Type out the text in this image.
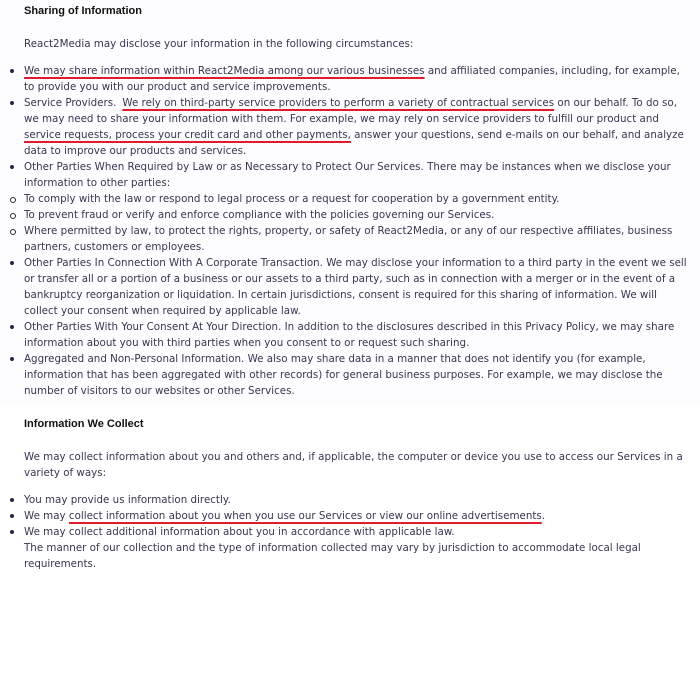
Sharing of Information
React2Media may disclose your information in the following circumstances:
We may share information within React2Media among our various businesses and affiliated companies, including, for example, to provide you with our product and service improvements.
Service Providers. We rely on third-party service providers to perform a variety of contractual services on our behalf. To do so, we may need to share your information with them. For example, we may rely on service providers to fulfill our product and service requests, process your credit card and other payments, answer your questions, send e-mails on our behalf, and analyze data to improve our products and services.
Other Parties When Required by Law or as Necessary to Protect Our Services. There may be instances when we disclose your information to other parties:
To comply with the law or respond to legal process or a request for cooperation by a government entity.
To prevent fraud or verify and enforce compliance with the policies governing our Services.
Where permitted by law, to protect the rights, property, or safety of React2Media, or any of our respective affiliates, business partners, customers or employees.
Other Parties In Connection With A Corporate Transaction. We may disclose your information to a third party in the event we sell or transfer all or a portion of a business or our assets to a third party, such as in connection with a merger or in the event of a bankruptcy reorganization or liquidation. In certain jurisdictions, consent is required for this sharing of information. We will collect your consent when required by applicable law.
Other Parties With Your Consent At Your Direction. In addition to the disclosures described in this Privacy Policy, we may share information about you with third parties when you consent to or request such sharing.
Aggregated and Non-Personal Information. We also may share data in a manner that does not identify you (for example, information that has been aggregated with other records) for general business purposes. For example, we may disclose the number of visitors to our websites or other Services.
Information We Collect
We may collect information about you and others and, if applicable, the computer or device you use to access our Services in a variety of ways:
You may provide us information directly.
We may collect information about you when you use our Services or view our online advertisements.
We may collect additional information about you in accordance with applicable law.
The manner of our collection and the type of information collected may vary by jurisdiction to accommodate local legal requirements.
